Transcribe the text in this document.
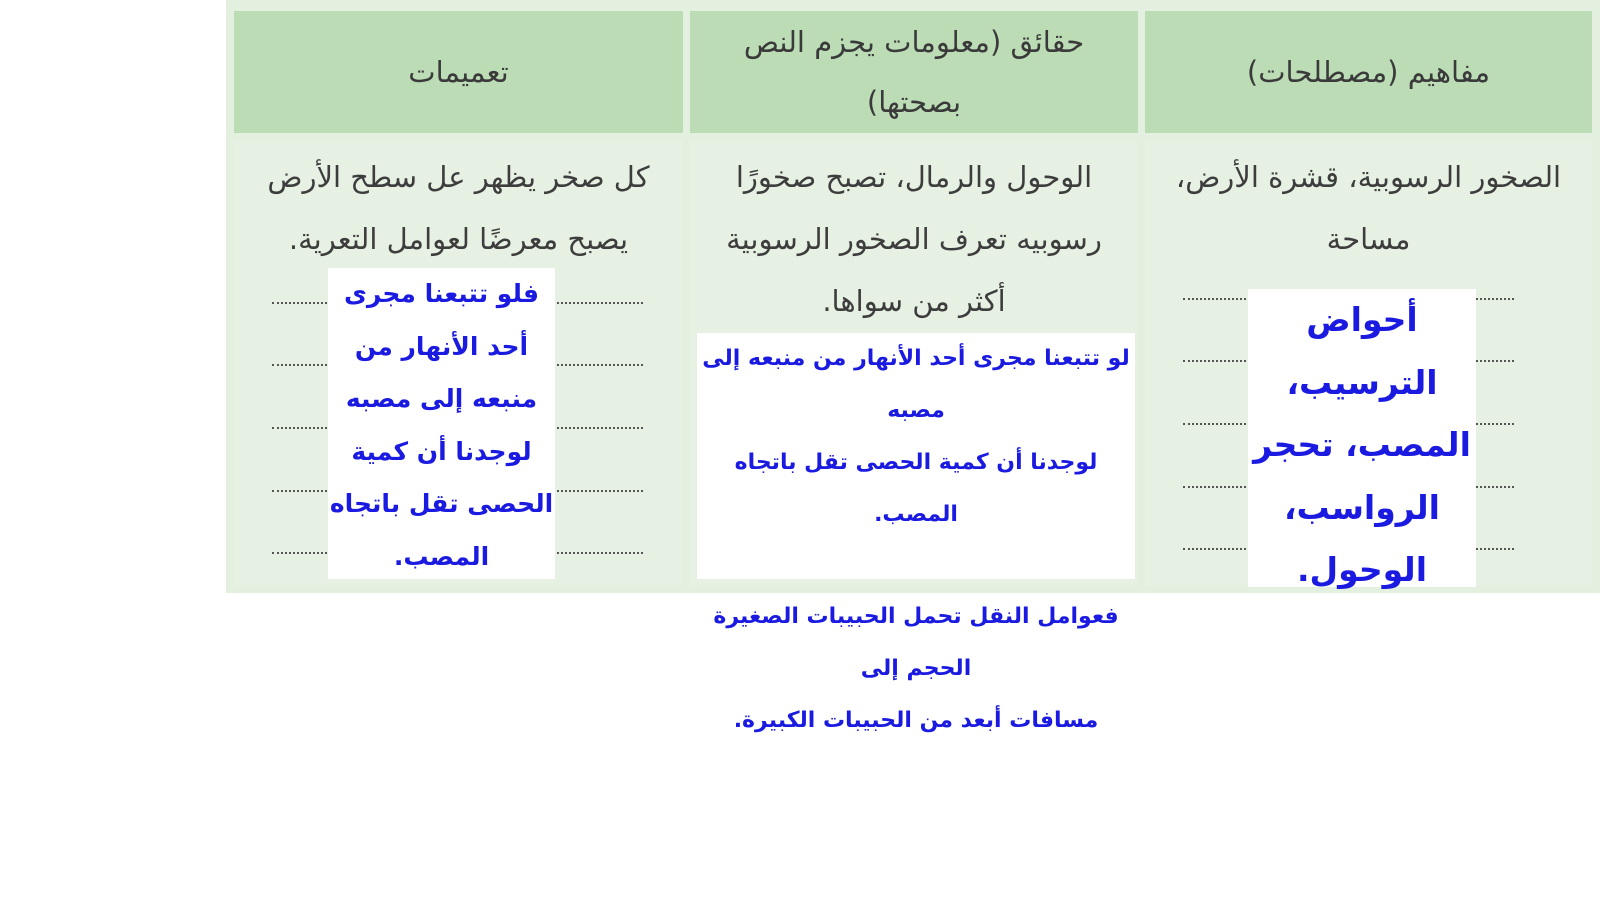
مفاهيم (مصطلحات)
حقائق (معلومات يجزم النص بصحتها)
تعميمات
الصخور الرسوبية، قشرة الأرض، مساحة
الوحول والرمال، تصبح صخورًا رسوبيه تعرف الصخور الرسوبية أكثر من سواها.
كل صخر يظهر عل سطح الأرض يصبح معرضًا لعوامل التعرية.
أحواض
الترسيب،
المصب، تحجر
الرواسب،
الوحول.
لو تتبعنا مجرى أحد الأنهار من منبعه إلى مصبه
لوجدنا أن كمية الحصى تقل باتجاه المصب.
فعوامل النقل تحمل الحبيبات الصغيرة الحجم إلى
مسافات أبعد من الحبيبات الكبيرة.
فلو تتبعنا مجرى
أحد الأنهار من
منبعه إلى مصبه
لوجدنا أن كمية
الحصى تقل باتجاه
المصب.
